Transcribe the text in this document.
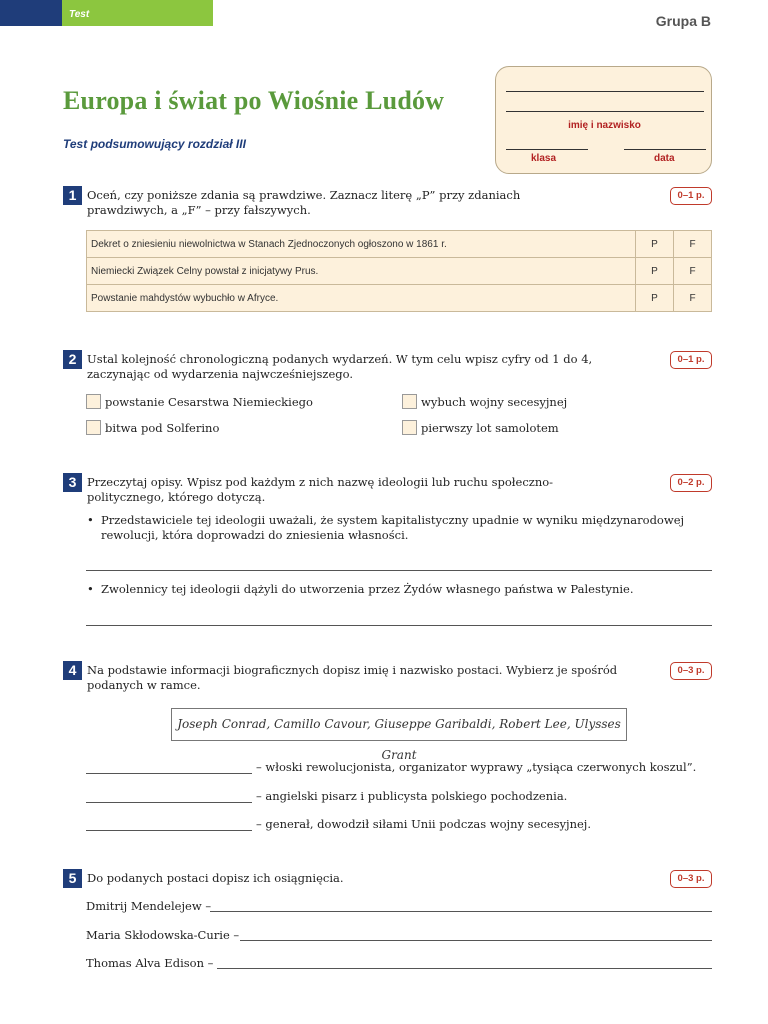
Test	Grupa B
Europa i świat po Wiośnie Ludów
Test podsumowujący rozdział III
imię i nazwisko
klasa	data
1 Oceń, czy poniższe zdania są prawdziwe. Zaznacz literę „P” przy zdaniach prawdziwych, a „F” – przy fałszywych.
0–1 p.
Dekret o zniesieniu niewolnictwa w Stanach Zjednoczonych ogłoszono w 1861 r.	P	F
Niemiecki Związek Celny powstał z inicjatywy Prus.	P	F
Powstanie mahdystów wybuchło w Afryce.	P	F
2 Ustal kolejność chronologiczną podanych wydarzeń. W tym celu wpisz cyfry od 1 do 4, zaczynając od wydarzenia najwcześniejszego.
0–1 p.
powstanie Cesarstwa Niemieckiego	wybuch wojny secesyjnej
bitwa pod Solferino	pierwszy lot samolotem
3 Przeczytaj opisy. Wpisz pod każdym z nich nazwę ideologii lub ruchu społeczno-politycznego, którego dotyczą.
0–2 p.
• Przedstawiciele tej ideologii uważali, że system kapitalistyczny upadnie w wyniku międzynarodowej rewolucji, która doprowadzi do zniesienia własności.
• Zwolennicy tej ideologii dążyli do utworzenia przez Żydów własnego państwa w Palestynie.
4 Na podstawie informacji biograficznych dopisz imię i nazwisko postaci. Wybierz je spośród podanych w ramce.
0–3 p.
Joseph Conrad, Camillo Cavour, Giuseppe Garibaldi, Robert Lee, Ulysses Grant
– włoski rewolucjonista, organizator wyprawy „tysiąca czerwonych koszul”.
– angielski pisarz i publicysta polskiego pochodzenia.
– generał, dowodził siłami Unii podczas wojny secesyjnej.
5 Do podanych postaci dopisz ich osiągnięcia.	0–3 p.
Dmitrij Mendelejew –
Maria Skłodowska-Curie –
Thomas Alva Edison –
